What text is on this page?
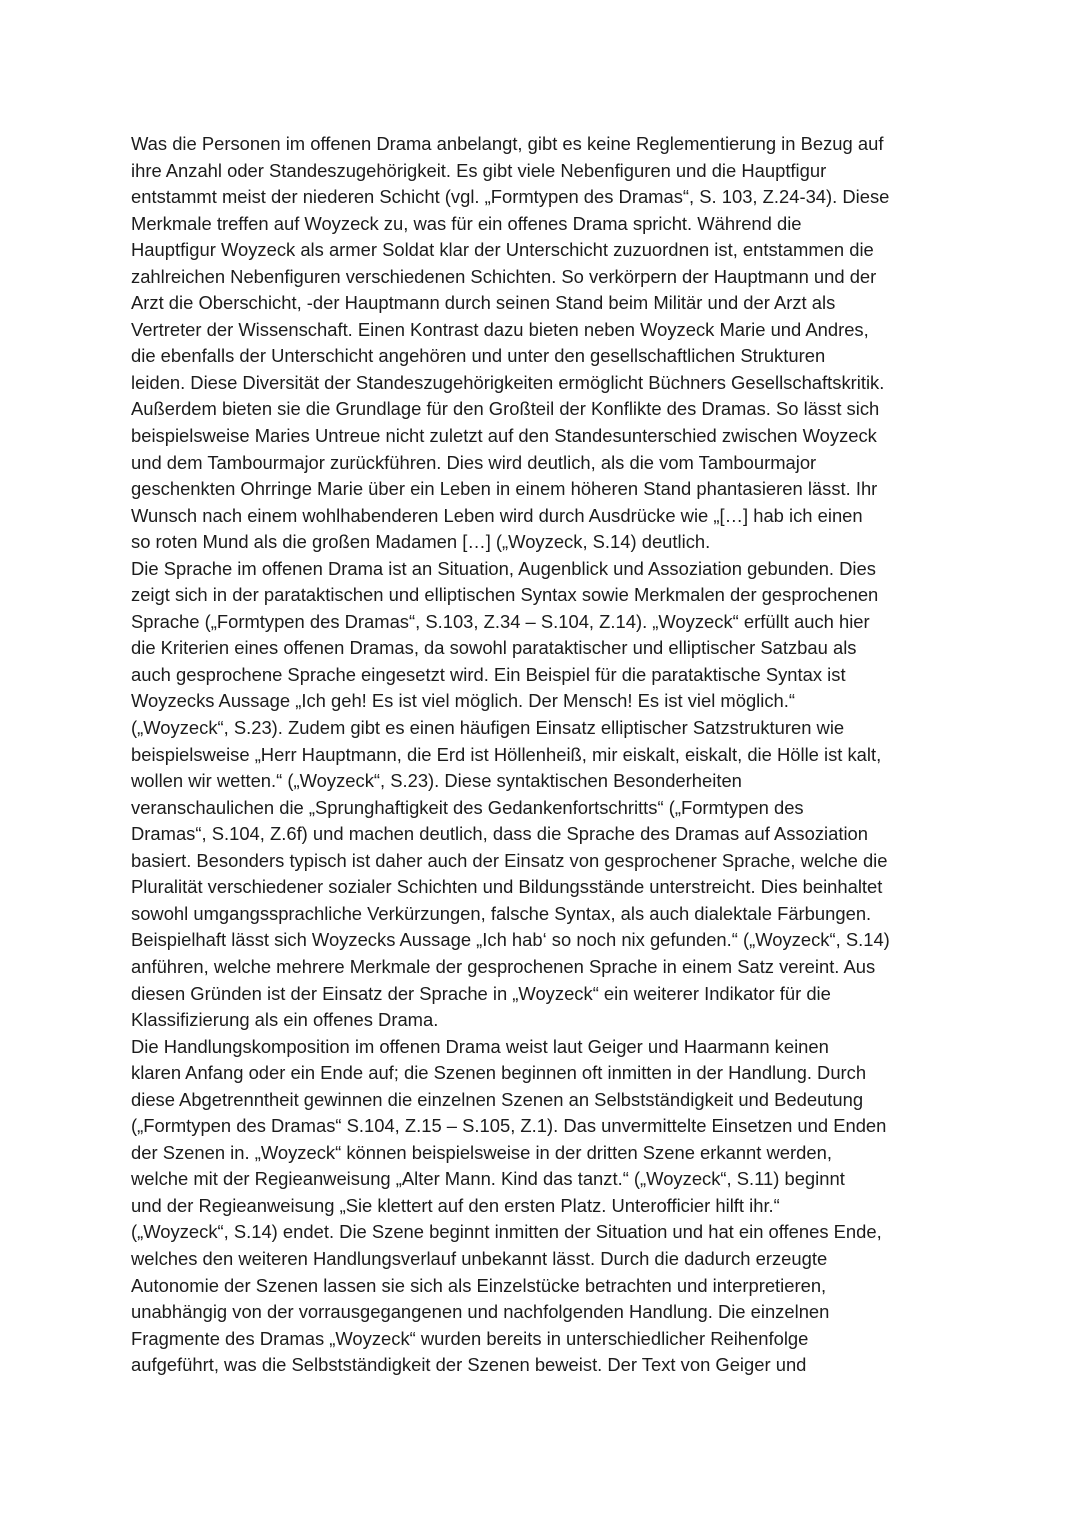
Was die Personen im offenen Drama anbelangt, gibt es keine Reglementierung in Bezug auf
ihre Anzahl oder Standeszugehörigkeit. Es gibt viele Nebenfiguren und die Hauptfigur
entstammt meist der niederen Schicht (vgl. „Formtypen des Dramas“, S. 103, Z.24-34). Diese
Merkmale treffen auf Woyzeck zu, was für ein offenes Drama spricht. Während die
Hauptfigur Woyzeck als armer Soldat klar der Unterschicht zuzuordnen ist, entstammen die
zahlreichen Nebenfiguren verschiedenen Schichten. So verkörpern der Hauptmann und der
Arzt die Oberschicht, -der Hauptmann durch seinen Stand beim Militär und der Arzt als
Vertreter der Wissenschaft. Einen Kontrast dazu bieten neben Woyzeck Marie und Andres,
die ebenfalls der Unterschicht angehören und unter den gesellschaftlichen Strukturen
leiden. Diese Diversität der Standeszugehörigkeiten ermöglicht Büchners Gesellschaftskritik.
Außerdem bieten sie die Grundlage für den Großteil der Konflikte des Dramas. So lässt sich
beispielsweise Maries Untreue nicht zuletzt auf den Standesunterschied zwischen Woyzeck
und dem Tambourmajor zurückführen. Dies wird deutlich, als die vom Tambourmajor
geschenkten Ohrringe Marie über ein Leben in einem höheren Stand phantasieren lässt. Ihr
Wunsch nach einem wohlhabenderen Leben wird durch Ausdrücke wie „[…] hab ich einen
so roten Mund als die großen Madamen […] („Woyzeck, S.14) deutlich.
Die Sprache im offenen Drama ist an Situation, Augenblick und Assoziation gebunden. Dies
zeigt sich in der parataktischen und elliptischen Syntax sowie Merkmalen der gesprochenen
Sprache („Formtypen des Dramas“, S.103, Z.34 – S.104, Z.14). „Woyzeck“ erfüllt auch hier
die Kriterien eines offenen Dramas, da sowohl parataktischer und elliptischer Satzbau als
auch gesprochene Sprache eingesetzt wird. Ein Beispiel für die parataktische Syntax ist
Woyzecks Aussage „Ich geh! Es ist viel möglich. Der Mensch! Es ist viel möglich.“
(„Woyzeck“, S.23). Zudem gibt es einen häufigen Einsatz elliptischer Satzstrukturen wie
beispielsweise „Herr Hauptmann, die Erd ist Höllenheiß, mir eiskalt, eiskalt, die Hölle ist kalt,
wollen wir wetten.“ („Woyzeck“, S.23). Diese syntaktischen Besonderheiten
veranschaulichen die „Sprunghaftigkeit des Gedankenfortschritts“ („Formtypen des
Dramas“, S.104, Z.6f) und machen deutlich, dass die Sprache des Dramas auf Assoziation
basiert. Besonders typisch ist daher auch der Einsatz von gesprochener Sprache, welche die
Pluralität verschiedener sozialer Schichten und Bildungsstände unterstreicht. Dies beinhaltet
sowohl umgangssprachliche Verkürzungen, falsche Syntax, als auch dialektale Färbungen.
Beispielhaft lässt sich Woyzecks Aussage „Ich hab‘ so noch nix gefunden.“ („Woyzeck“, S.14)
anführen, welche mehrere Merkmale der gesprochenen Sprache in einem Satz vereint. Aus
diesen Gründen ist der Einsatz der Sprache in „Woyzeck“ ein weiterer Indikator für die
Klassifizierung als ein offenes Drama.
Die Handlungskomposition im offenen Drama weist laut Geiger und Haarmann keinen
klaren Anfang oder ein Ende auf; die Szenen beginnen oft inmitten in der Handlung. Durch
diese Abgetrenntheit gewinnen die einzelnen Szenen an Selbstständigkeit und Bedeutung
(„Formtypen des Dramas“ S.104, Z.15 – S.105, Z.1). Das unvermittelte Einsetzen und Enden
der Szenen in. „Woyzeck“ können beispielsweise in der dritten Szene erkannt werden,
welche mit der Regieanweisung „Alter Mann. Kind das tanzt.“ („Woyzeck“, S.11) beginnt
und der Regieanweisung „Sie klettert auf den ersten Platz. Unterofficier hilft ihr.“
(„Woyzeck“, S.14) endet. Die Szene beginnt inmitten der Situation und hat ein offenes Ende,
welches den weiteren Handlungsverlauf unbekannt lässt. Durch die dadurch erzeugte
Autonomie der Szenen lassen sie sich als Einzelstücke betrachten und interpretieren,
unabhängig von der vorrausgegangenen und nachfolgenden Handlung. Die einzelnen
Fragmente des Dramas „Woyzeck“ wurden bereits in unterschiedlicher Reihenfolge
aufgeführt, was die Selbstständigkeit der Szenen beweist. Der Text von Geiger und
